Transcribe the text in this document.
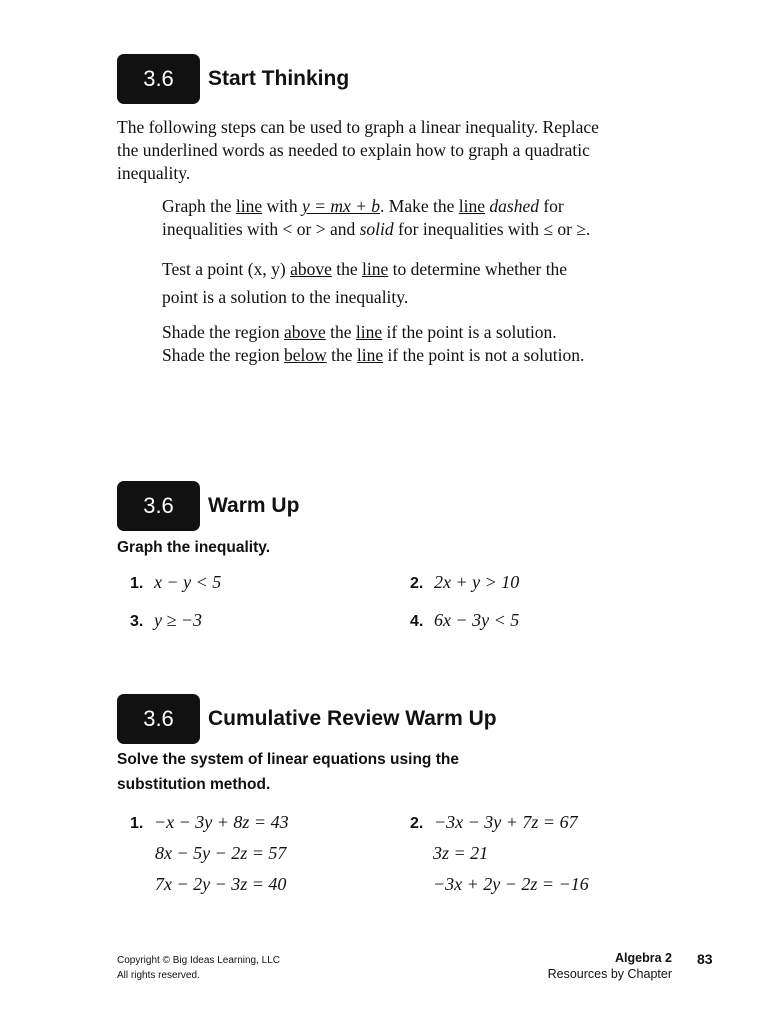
3.6	Start Thinking

The following steps can be used to graph a linear inequality. Replace the underlined words as needed to explain how to graph a quadratic inequality.

Graph the line with y = mx + b. Make the line dashed for inequalities with < or > and solid for inequalities with ≤ or ≥.

Test a point (x, y) above the line to determine whether the point is a solution to the inequality.

Shade the region above the line if the point is a solution.

Shade the region below the line if the point is not a solution.

3.6	Warm Up

Graph the inequality.

1. x − y < 5	2. 2x + y > 10
3. y ≥ −3	4. 6x − 3y < 5
3.6	Cumulative Review Warm Up

Solve the system of linear equations using the
substitution method.

1. −x − 3y + 8z = 43
8x − 5y − 2z = 57
7x − 2y − 3z = 40
2. −3x − 3y + 7z = 67
3z = 21
−3x + 2y − 2z = −16
Copyright © Big Ideas Learning, LLC
All rights reserved.
Algebra 2
Resources by Chapter
83
